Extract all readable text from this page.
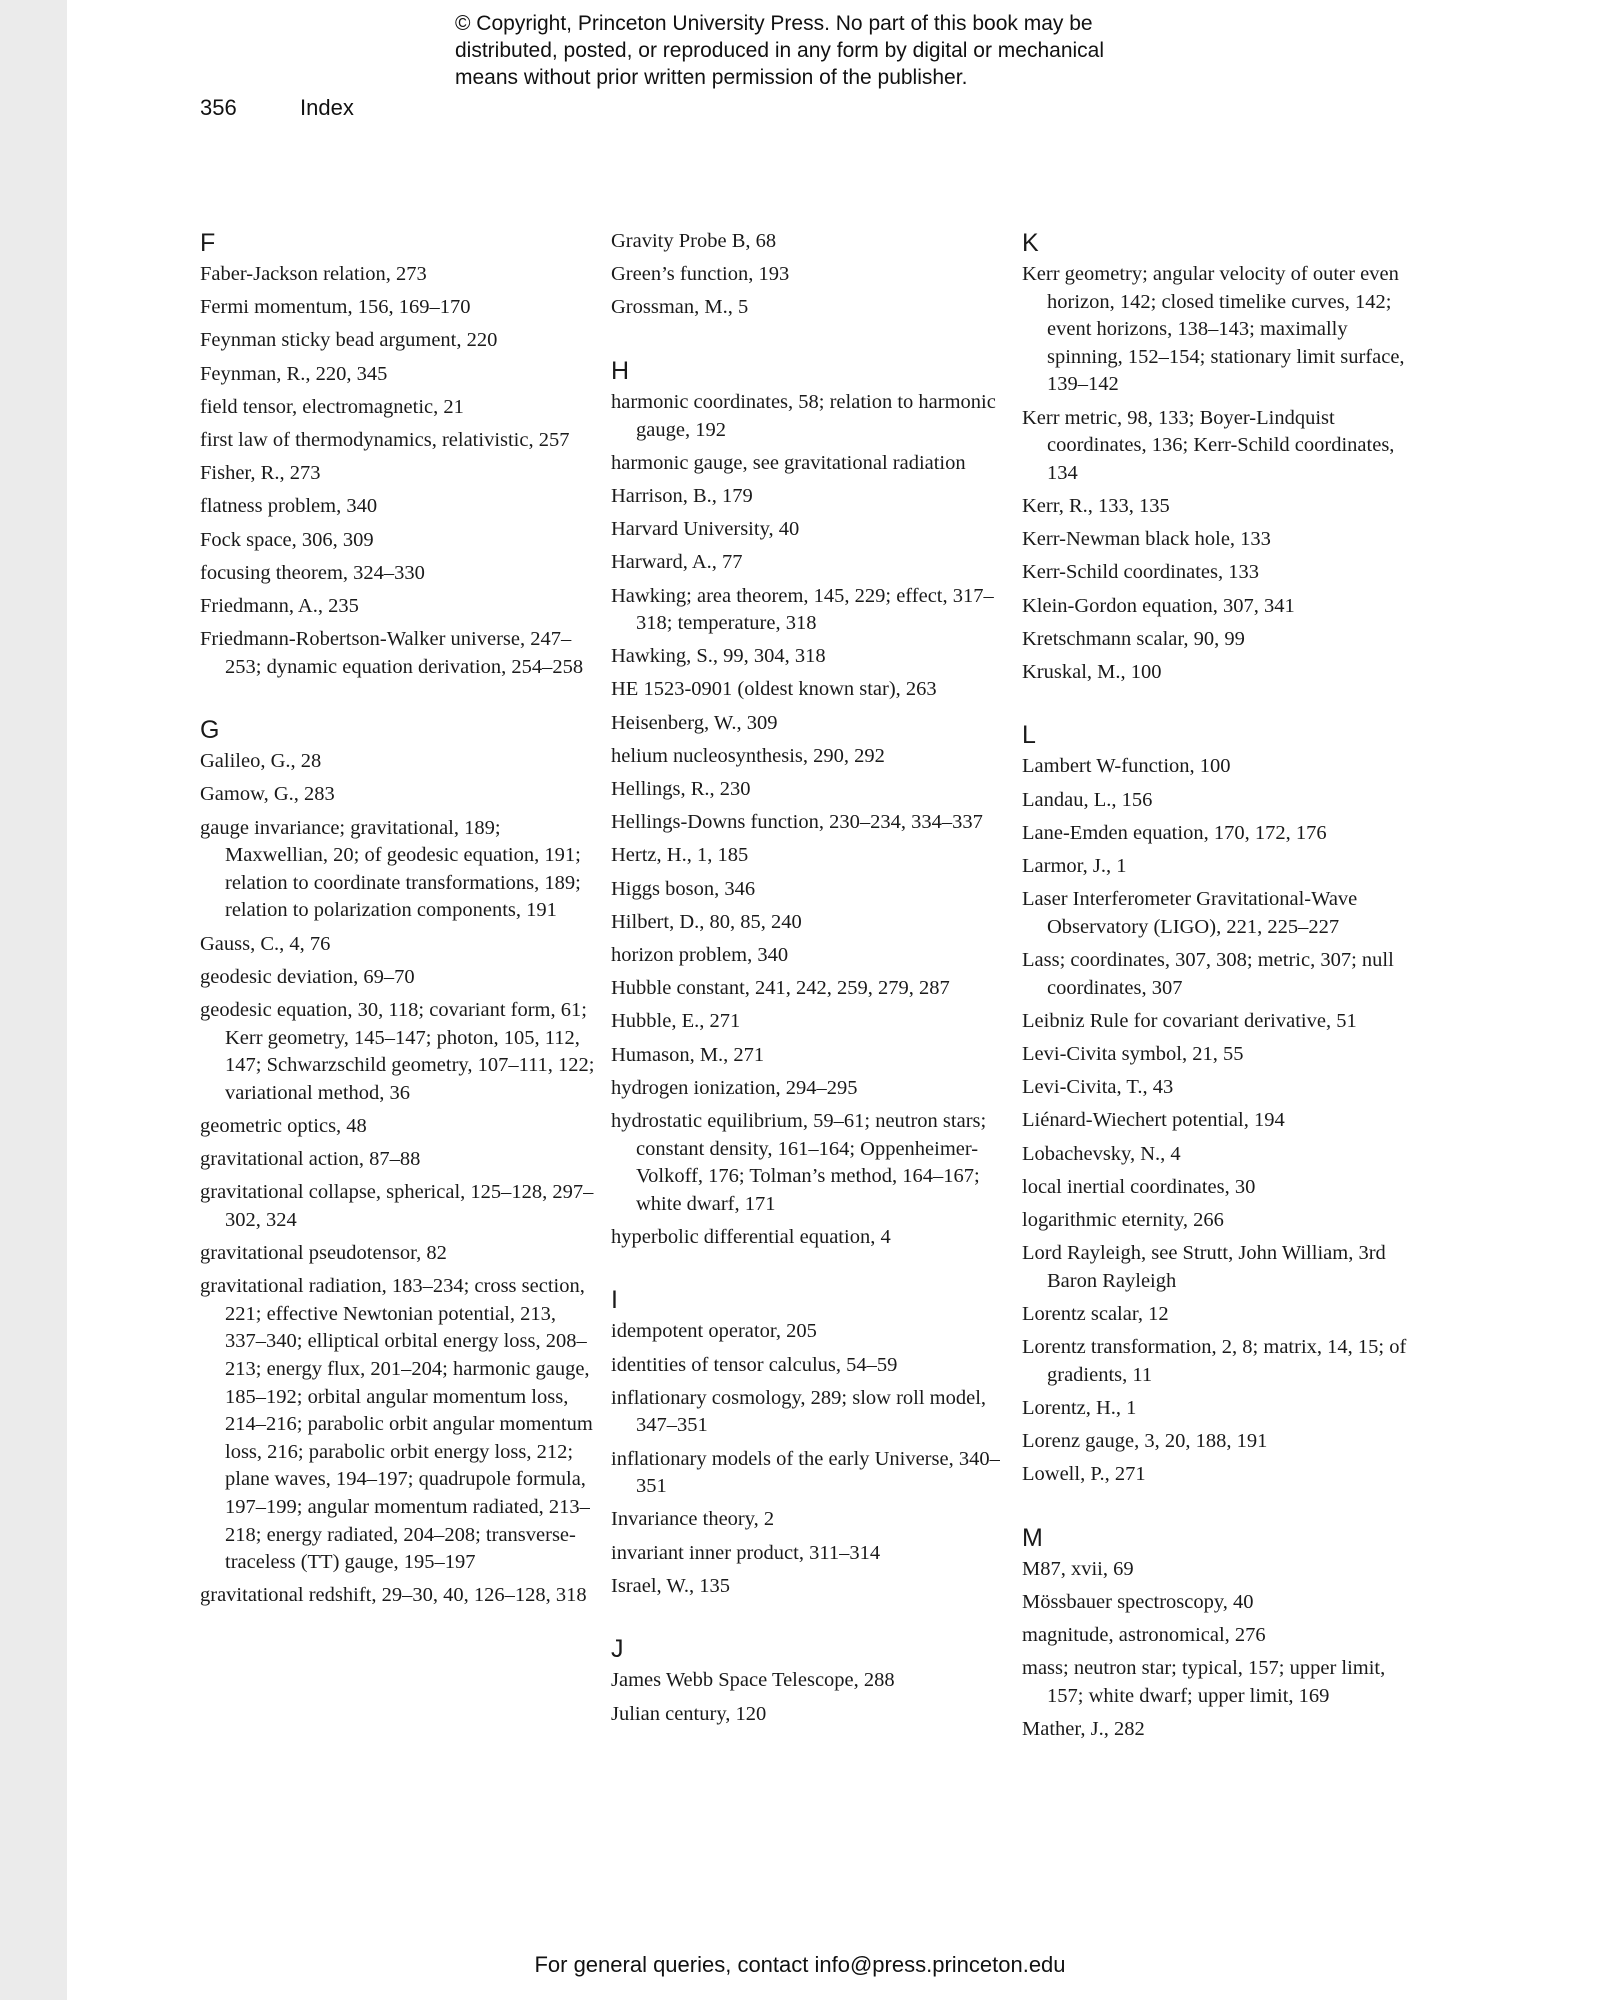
© Copyright, Princeton University Press. No part of this book may be
distributed, posted, or reproduced in any form by digital or mechanical
means without prior written permission of the publisher.
356	Index
F
Faber-Jackson relation, 273
Fermi momentum, 156, 169–170
Feynman sticky bead argument, 220
Feynman, R., 220, 345
field tensor, electromagnetic, 21
first law of thermodynamics, relativistic, 257
Fisher, R., 273
flatness problem, 340
Fock space, 306, 309
focusing theorem, 324–330
Friedmann, A., 235
Friedmann-Robertson-Walker universe, 247–253; dynamic equation derivation, 254–258
G
Galileo, G., 28
Gamow, G., 283
gauge invariance; gravitational, 189; Maxwellian, 20; of geodesic equation, 191; relation to coordinate transformations, 189; relation to polarization components, 191
Gauss, C., 4, 76
geodesic deviation, 69–70
geodesic equation, 30, 118; covariant form, 61; Kerr geometry, 145–147; photon, 105, 112, 147; Schwarzschild geometry, 107–111, 122; variational method, 36
geometric optics, 48
gravitational action, 87–88
gravitational collapse, spherical, 125–128, 297–302, 324
gravitational pseudotensor, 82
gravitational radiation, 183–234; cross section, 221; effective Newtonian potential, 213, 337–340; elliptical orbital energy loss, 208–213; energy flux, 201–204; harmonic gauge, 185–192; orbital angular momentum loss, 214–216; parabolic orbit angular momentum loss, 216; parabolic orbit energy loss, 212; plane waves, 194–197; quadrupole formula, 197–199; angular momentum radiated, 213–218; energy radiated, 204–208; transverse-traceless (TT) gauge, 195–197
gravitational redshift, 29–30, 40, 126–128, 318
Gravity Probe B, 68
Green’s function, 193
Grossman, M., 5
H
harmonic coordinates, 58; relation to harmonic gauge, 192
harmonic gauge, see gravitational radiation
Harrison, B., 179
Harvard University, 40
Harward, A., 77
Hawking; area theorem, 145, 229; effect, 317–318; temperature, 318
Hawking, S., 99, 304, 318
HE 1523-0901 (oldest known star), 263
Heisenberg, W., 309
helium nucleosynthesis, 290, 292
Hellings, R., 230
Hellings-Downs function, 230–234, 334–337
Hertz, H., 1, 185
Higgs boson, 346
Hilbert, D., 80, 85, 240
horizon problem, 340
Hubble constant, 241, 242, 259, 279, 287
Hubble, E., 271
Humason, M., 271
hydrogen ionization, 294–295
hydrostatic equilibrium, 59–61; neutron stars; constant density, 161–164; Oppenheimer-Volkoff, 176; Tolman’s method, 164–167; white dwarf, 171
hyperbolic differential equation, 4
I
idempotent operator, 205
identities of tensor calculus, 54–59
inflationary cosmology, 289; slow roll model, 347–351
inflationary models of the early Universe, 340–351
Invariance theory, 2
invariant inner product, 311–314
Israel, W., 135
J
James Webb Space Telescope, 288
Julian century, 120
K
Kerr geometry; angular velocity of outer even horizon, 142; closed timelike curves, 142; event horizons, 138–143; maximally spinning, 152–154; stationary limit surface, 139–142
Kerr metric, 98, 133; Boyer-Lindquist coordinates, 136; Kerr-Schild coordinates, 134
Kerr, R., 133, 135
Kerr-Newman black hole, 133
Kerr-Schild coordinates, 133
Klein-Gordon equation, 307, 341
Kretschmann scalar, 90, 99
Kruskal, M., 100
L
Lambert W-function, 100
Landau, L., 156
Lane-Emden equation, 170, 172, 176
Larmor, J., 1
Laser Interferometer Gravitational-Wave Observatory (LIGO), 221, 225–227
Lass; coordinates, 307, 308; metric, 307; null coordinates, 307
Leibniz Rule for covariant derivative, 51
Levi-Civita symbol, 21, 55
Levi-Civita, T., 43
Liénard-Wiechert potential, 194
Lobachevsky, N., 4
local inertial coordinates, 30
logarithmic eternity, 266
Lord Rayleigh, see Strutt, John William, 3rd Baron Rayleigh
Lorentz scalar, 12
Lorentz transformation, 2, 8; matrix, 14, 15; of gradients, 11
Lorentz, H., 1
Lorenz gauge, 3, 20, 188, 191
Lowell, P., 271
M
M87, xvii, 69
Mössbauer spectroscopy, 40
magnitude, astronomical, 276
mass; neutron star; typical, 157; upper limit, 157; white dwarf; upper limit, 169
Mather, J., 282
For general queries, contact info@press.princeton.edu
